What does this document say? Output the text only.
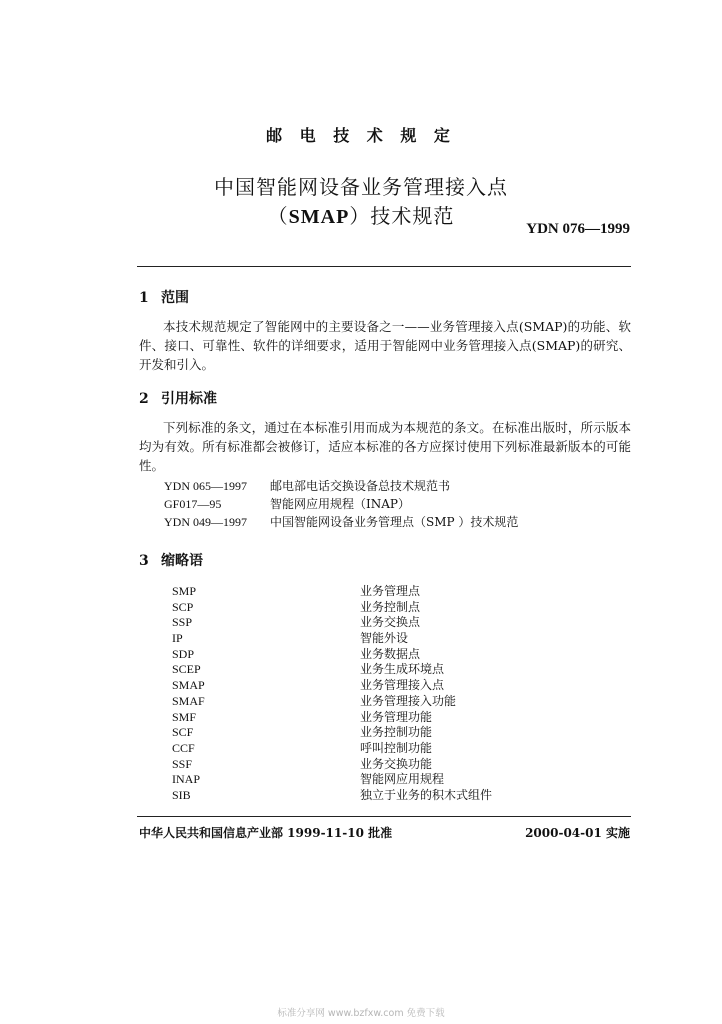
邮 电 技 术 规 定
中国智能网设备业务管理接入点
（SMAP）技术规范
YDN 076—1999
1 范围
本技术规范规定了智能网中的主要设备之一——业务管理接入点(SMAP)的功能、软件、接口、可靠性、软件的详细要求，适用于智能网中业务管理接入点(SMAP)的研究、开发和引入。
2 引用标准
下列标准的条文，通过在本标准引用而成为本规范的条文。在标准出版时，所示版本均为有效。所有标准都会被修订，适应本标准的各方应探讨使用下列标准最新版本的可能性。
YDN 065—1997 邮电部电话交换设备总技术规范书
GF017—95	智能网应用规程（INAP）
YDN 049—1997 中国智能网设备业务管理点（SMP ）技术规范
3 缩略语
SMP	业务管理点
SCP	业务控制点
SSP	业务交换点
IP	智能外设
SDP	业务数据点
SCEP	业务生成环境点
SMAP	业务管理接入点
SMAF	业务管理接入功能
SMF	业务管理功能
SCF	业务控制功能
CCF	呼叫控制功能
SSF	业务交换功能
INAP	智能网应用规程
SIB	独立于业务的积木式组件
中华人民共和国信息产业部 1999-11-10 批准	2000-04-01 实施
标准分享网 www.bzfxw.com 免费下载
